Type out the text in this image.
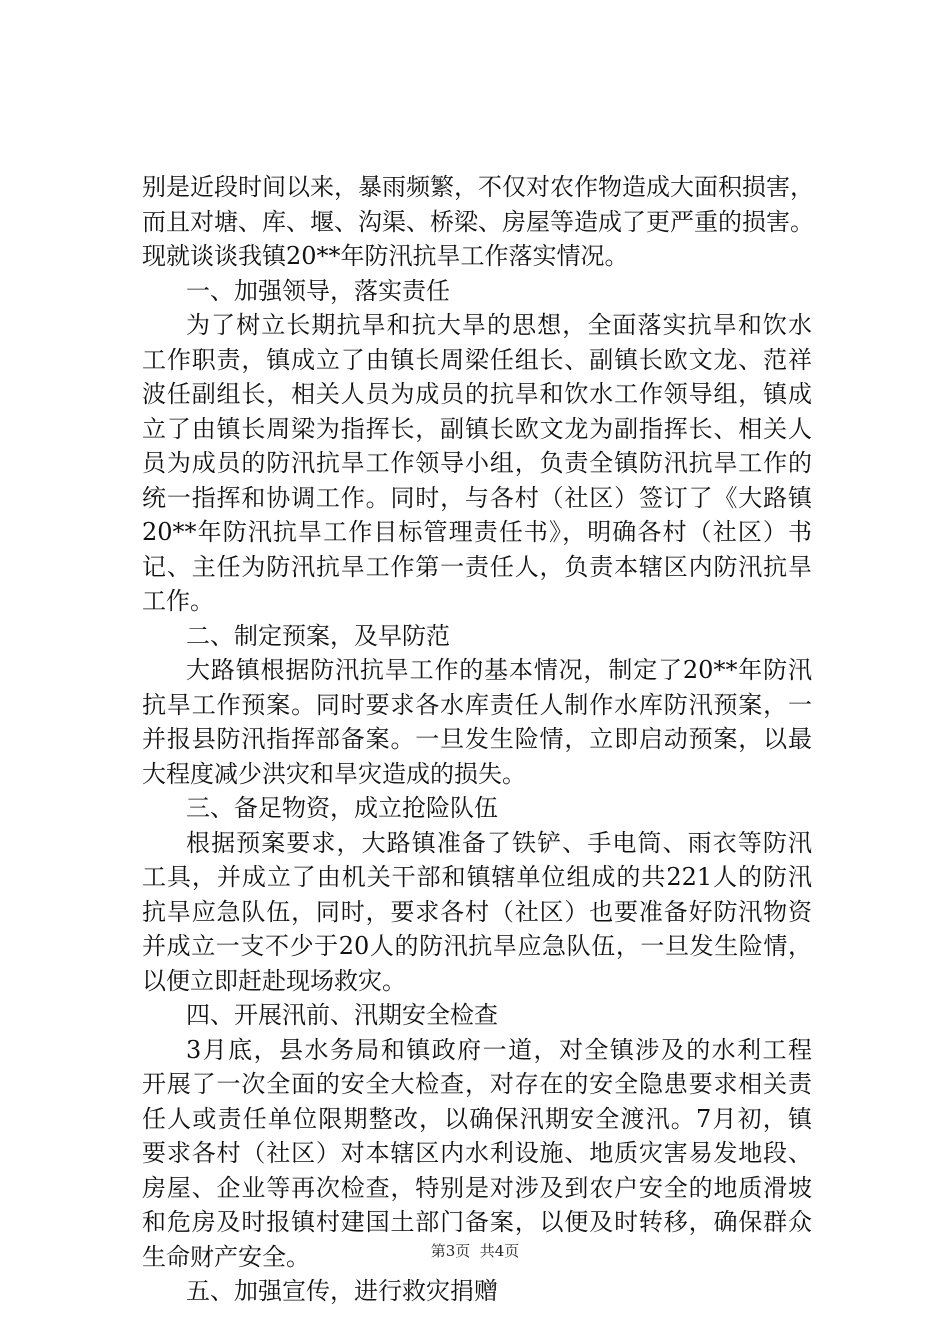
别是近段时间以来，暴雨频繁，不仅对农作物造成大面积损害，
而且对塘、库、堰、沟渠、桥梁、房屋等造成了更严重的损害。
现就谈谈我镇20**年防汛抗旱工作落实情况。
一、加强领导，落实责任
为了树立长期抗旱和抗大旱的思想，全面落实抗旱和饮水
工作职责，镇成立了由镇长周梁任组长、副镇长欧文龙、范祥
波任副组长，相关人员为成员的抗旱和饮水工作领导组，镇成
立了由镇长周梁为指挥长，副镇长欧文龙为副指挥长、相关人
员为成员的防汛抗旱工作领导小组，负责全镇防汛抗旱工作的
统一指挥和协调工作。同时，与各村（社区）签订了《大路镇
20**年防汛抗旱工作目标管理责任书》，明确各村（社区）书
记、主任为防汛抗旱工作第一责任人，负责本辖区内防汛抗旱
工作。
二、制定预案，及早防范
大路镇根据防汛抗旱工作的基本情况，制定了20**年防汛
抗旱工作预案。同时要求各水库责任人制作水库防汛预案，一
并报县防汛指挥部备案。一旦发生险情，立即启动预案，以最
大程度减少洪灾和旱灾造成的损失。
三、备足物资，成立抢险队伍
根据预案要求，大路镇准备了铁铲、手电筒、雨衣等防汛
工具，并成立了由机关干部和镇辖单位组成的共221人的防汛
抗旱应急队伍，同时，要求各村（社区）也要准备好防汛物资
并成立一支不少于20人的防汛抗旱应急队伍，一旦发生险情，
以便立即赶赴现场救灾。
四、开展汛前、汛期安全检查
3月底，县水务局和镇政府一道，对全镇涉及的水利工程
开展了一次全面的安全大检查，对存在的安全隐患要求相关责
任人或责任单位限期整改，以确保汛期安全渡汛。7月初，镇
要求各村（社区）对本辖区内水利设施、地质灾害易发地段、
房屋、企业等再次检查，特别是对涉及到农户安全的地质滑坡
和危房及时报镇村建国土部门备案，以便及时转移，确保群众
生命财产安全。
五、加强宣传，进行救灾捐赠
第3页  共4页
